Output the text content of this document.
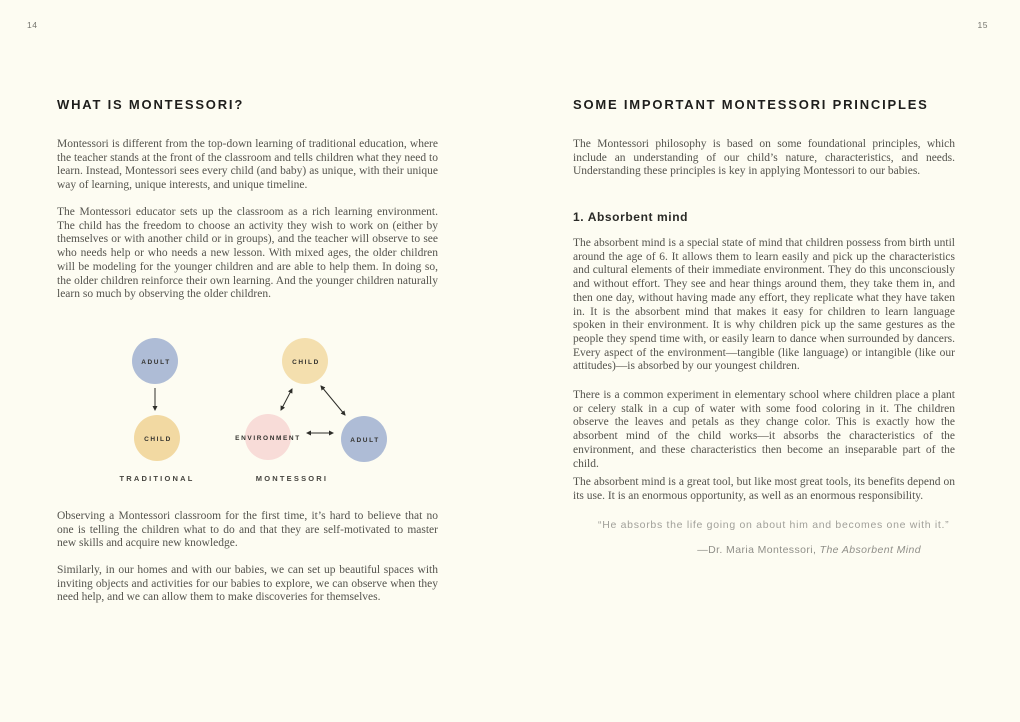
14
WHAT IS MONTESSORI?

Montessori is different from the top-down learning of traditional education, where the teacher stands at the front of the classroom and tells children what they need to learn. Instead, Montessori sees every child (and baby) as unique, with their unique way of learning, unique interests, and unique timeline.

The Montessori educator sets up the classroom as a rich learning environment. The child has the freedom to choose an activity they wish to work on (either by themselves or with another child or in groups), and the teacher will observe to see who needs help or who needs a new lesson. With mixed ages, the older children will be modeling for the younger children and are able to help them. In doing so, the older children reinforce their own learning. And the younger children naturally learn so much by observing the older children.

ADULT
CHILD
TRADITIONAL
CHILD
ENVIRONMENT	ADULT
MONTESSORI

Observing a Montessori classroom for the first time, it’s hard to believe that no one is telling the children what to do and that they are self-motivated to master new skills and acquire new knowledge.

Similarly, in our homes and with our babies, we can set up beautiful spaces with inviting objects and activities for our babies to explore, we can observe when they need help, and we can allow them to make discoveries for themselves.

15
SOME IMPORTANT MONTESSORI PRINCIPLES

The Montessori philosophy is based on some foundational principles, which include an understanding of our child’s nature, characteristics, and needs. Understanding these principles is key in applying Montessori to our babies.

1. Absorbent mind

The absorbent mind is a special state of mind that children possess from birth until around the age of 6. It allows them to learn easily and pick up the characteristics and cultural elements of their immediate environment. They do this unconsciously and without effort. They see and hear things around them, they take them in, and then one day, without having made any effort, they replicate what they have taken in. It is the absorbent mind that makes it easy for children to learn language spoken in their environment. It is why children pick up the same gestures as the people they spend time with, or easily learn to dance when surrounded by dancers. Every aspect of the environment—tangible (like language) or intangible (like our attitudes)—is absorbed by our youngest children.

There is a common experiment in elementary school where children place a plant or celery stalk in a cup of water with some food coloring in it. The children observe the leaves and petals as they change color. This is exactly how the absorbent mind of the child works—it absorbs the characteristics of the environment, and these characteristics then become an inseparable part of the child.

The absorbent mind is a great tool, but like most great tools, its benefits depend on its use. It is an enormous opportunity, as well as an enormous responsibility.

“He absorbs the life going on about him and becomes one with it.”
—Dr. Maria Montessori, The Absorbent Mind
